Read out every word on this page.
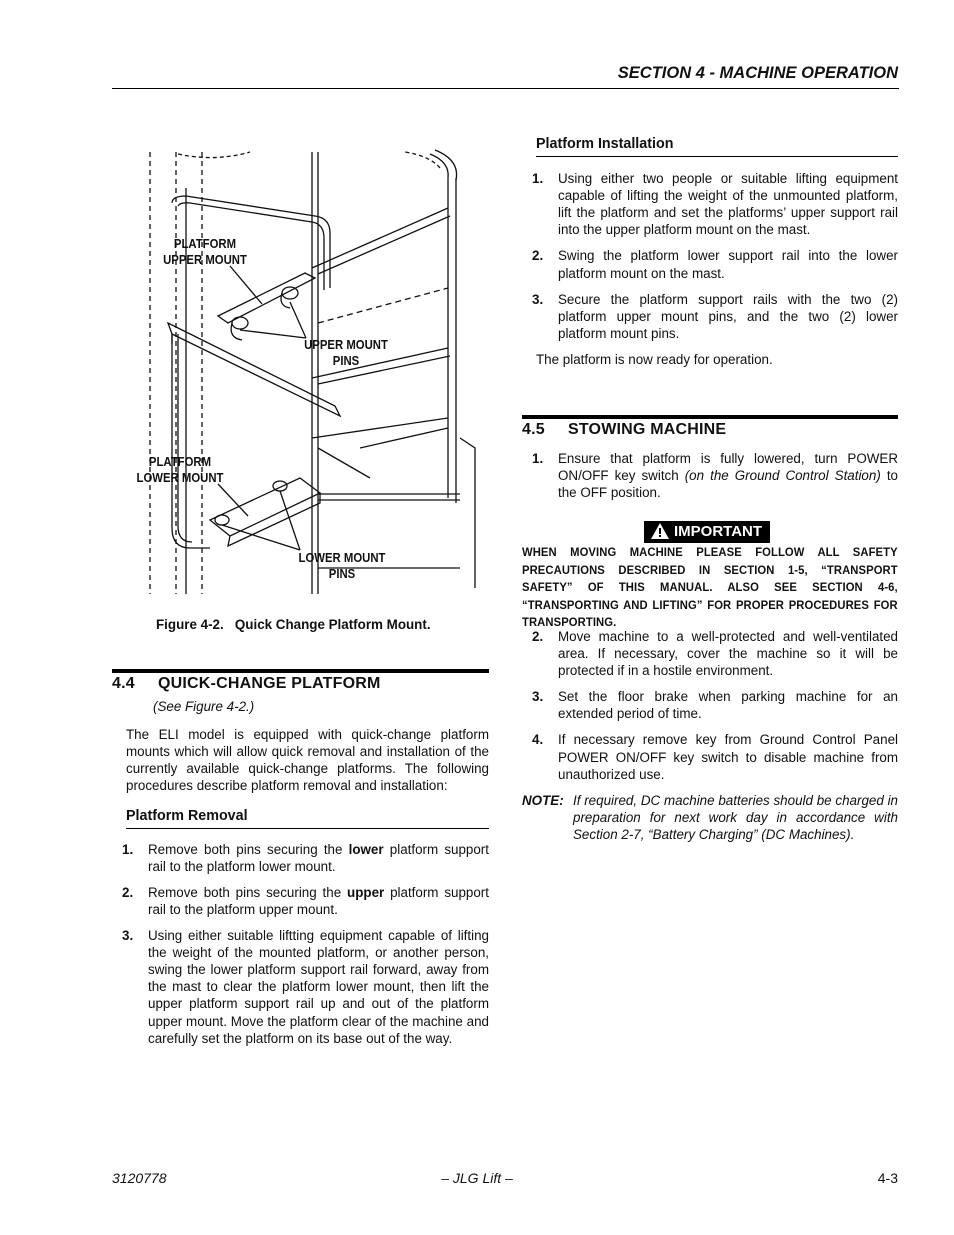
SECTION 4 - MACHINE OPERATION
PLATFORM
UPPER MOUNT
UPPER MOUNT
PINS
PLATFORM
LOWER MOUNT
LOWER MOUNT
PINS
Figure 4-2.   Quick Change Platform Mount.
4.4 QUICK-CHANGE PLATFORM
(See Figure 4-2.)
The ELI model is equipped with quick-change platform mounts which will allow quick removal and installation of the currently available quick-change platforms. The following procedures describe platform removal and installation:
Platform Removal
1. Remove both pins securing the lower platform support rail to the platform lower mount.
2. Remove both pins securing the upper platform support rail to the platform upper mount.
3. Using either suitable liftting equipment capable of lifting the weight of the mounted platform, or another person, swing the lower platform support rail forward, away from the mast to clear the platform lower mount, then lift the upper platform support rail up and out of the platform upper mount. Move the platform clear of the machine and carefully set the platform on its base out of the way.
Platform Installation
1. Using either two people or suitable lifting equipment capable of lifting the weight of the unmounted platform, lift the platform and set the platforms’ upper support rail into the upper platform mount on the mast.
2. Swing the platform lower support rail into the lower platform mount on the mast.
3. Secure the platform support rails with the two (2) platform upper mount pins, and the two (2) lower platform mount pins.
The platform is now ready for operation.
4.5 STOWING MACHINE
1. Ensure that platform is fully lowered, turn POWER ON/OFF key switch (on the Ground Control Station) to the OFF position.
IMPORTANT
WHEN MOVING MACHINE PLEASE FOLLOW ALL SAFETY PRECAUTIONS DESCRIBED IN SECTION 1-5, “TRANSPORT SAFETY” OF THIS MANUAL. ALSO SEE SECTION 4-6, “TRANSPORTING AND LIFTING” FOR PROPER PROCEDURES FOR TRANSPORTING.
2. Move machine to a well-protected and well-ventilated area. If necessary, cover the machine so it will be protected if in a hostile environment.
3. Set the floor brake when parking machine for an extended period of time.
4. If necessary remove key from Ground Control Panel POWER ON/OFF key switch to disable machine from unauthorized use.
NOTE: If required, DC machine batteries should be charged in preparation for next work day in accordance with Section 2-7, “Battery Charging” (DC Machines).
3120778	– JLG Lift –	4-3
